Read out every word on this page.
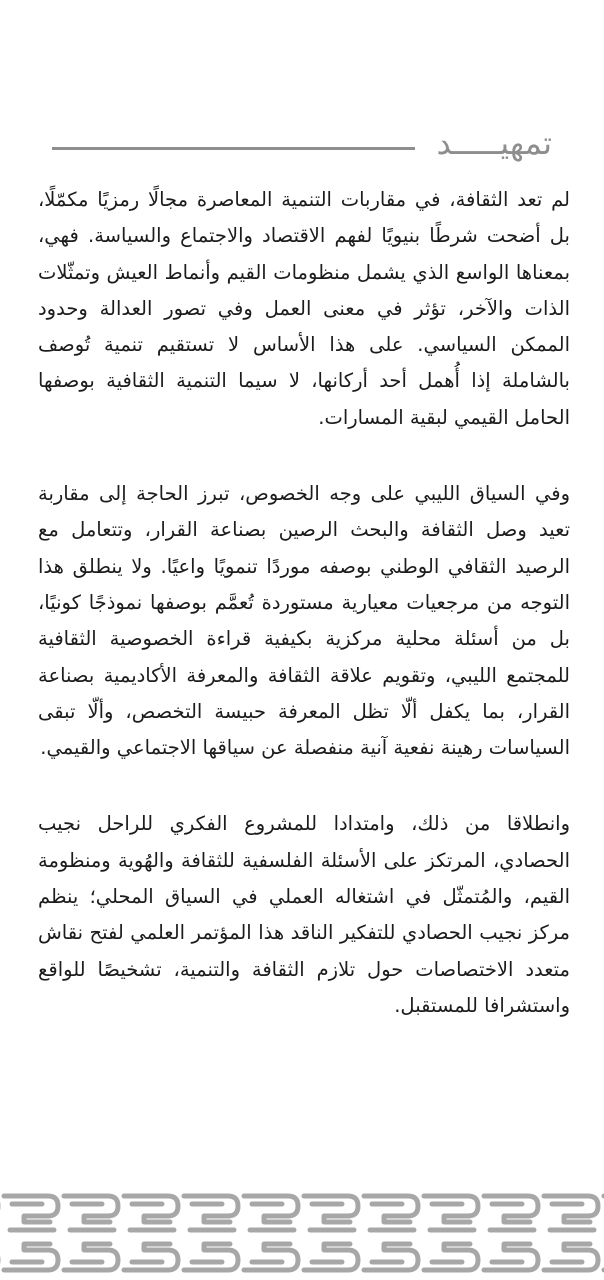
تمهيـــــد

لم تعد الثقافة، في مقاربات التنمية المعاصرة مجالًا رمزيًا مكمّلًا، بل أضحت شرطًا بنيويًا لفهم الاقتصاد والاجتماع والسياسة. فهي، بمعناها الواسع الذي يشمل منظومات القيم وأنماط العيش وتمثّلات الذات والآخر، تؤثر في معنى العمل وفي تصور العدالة وحدود الممكن السياسي. على هذا الأساس لا تستقيم تنمية تُوصف بالشاملة إذا أُهمل أحد أركانها، لا سيما التنمية الثقافية بوصفها الحامل القيمي لبقية المسارات.

وفي السياق الليبي على وجه الخصوص، تبرز الحاجة إلى مقاربة تعيد وصل الثقافة والبحث الرصين بصناعة القرار، وتتعامل مع الرصيد الثقافي الوطني بوصفه موردًا تنمويًا واعيًا. ولا ينطلق هذا التوجه من مرجعيات معيارية مستوردة تُعمَّم بوصفها نموذجًا كونيًا، بل من أسئلة محلية مركزية بكيفية قراءة الخصوصية الثقافية للمجتمع الليبي، وتقويم علاقة الثقافة والمعرفة الأكاديمية بصناعة القرار، بما يكفل ألّا تظل المعرفة حبيسة التخصص، وألّا تبقى السياسات رهينة نفعية آنية منفصلة عن سياقها الاجتماعي والقيمي.

وانطلاقا من ذلك، وامتدادا للمشروع الفكري للراحل نجيب الحصادي، المرتكز على الأسئلة الفلسفية للثقافة والهُوية ومنظومة القيم، والمُتمثّل في اشتغاله العملي في السياق المحلي؛ ينظم مركز نجيب الحصادي للتفكير الناقد هذا المؤتمر العلمي لفتح نقاش متعدد الاختصاصات حول تلازم الثقافة والتنمية، تشخيصًا للواقع واستشرافا للمستقبل.
